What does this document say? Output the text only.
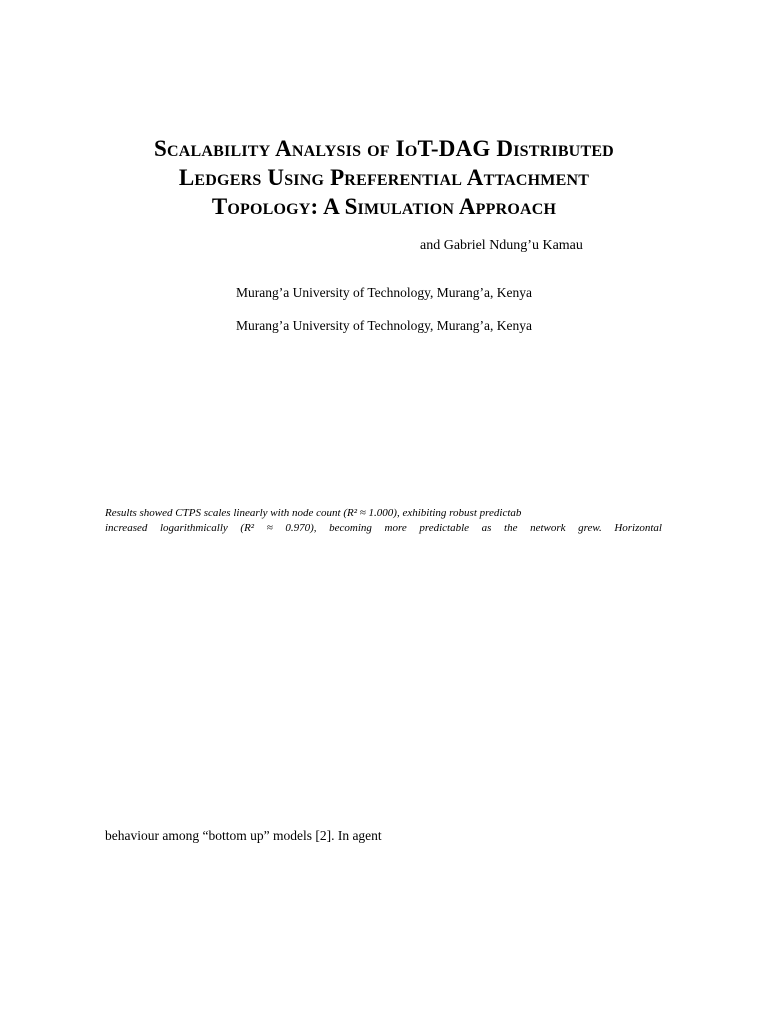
Scalability Analysis of IoT-DAG Distributed
Ledgers Using Preferential Attachment
Topology: A Simulation Approach
and Gabriel Ndung’u Kamau
Murang’a University of Technology, Murang’a, Kenya
Murang’a University of Technology, Murang’a, Kenya
Results showed CTPS scales linearly with node count (R² ≈ 1.000), exhibiting robust predictab
increased logarithmically (R² ≈ 0.970), becoming more predictable as the network grew. Horizontal
behaviour among “bottom up” models [2]. In agent
